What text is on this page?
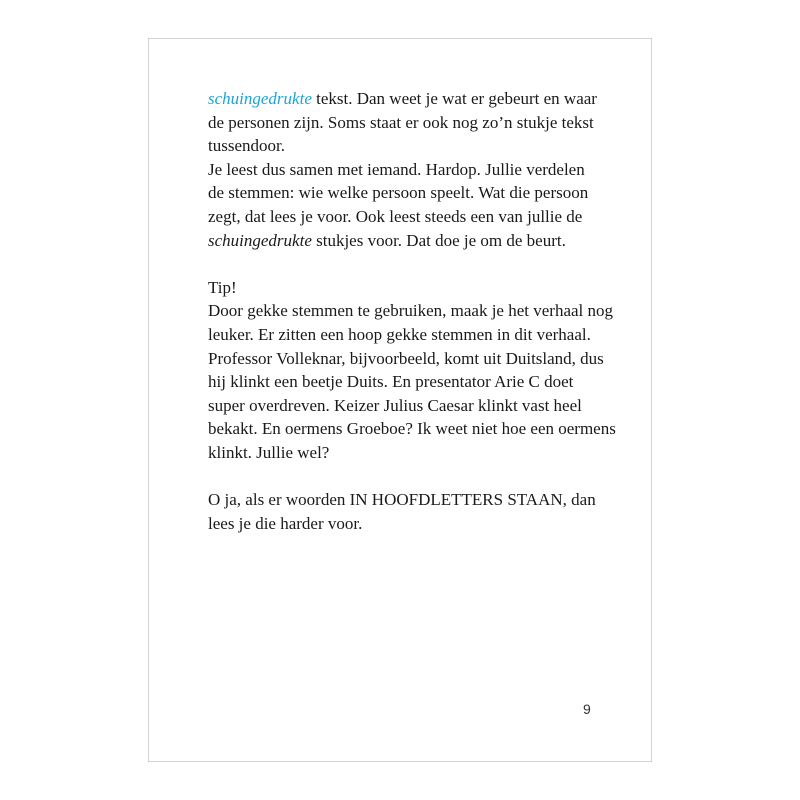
schuingedrukte tekst. Dan weet je wat er gebeurt en waar
de personen zijn. Soms staat er ook nog zo’n stukje tekst
tussendoor.
Je leest dus samen met iemand. Hardop. Jullie verdelen
de stemmen: wie welke persoon speelt. Wat die persoon
zegt, dat lees je voor. Ook leest steeds een van jullie de
schuingedrukte stukjes voor. Dat doe je om de beurt.
Tip!
Door gekke stemmen te gebruiken, maak je het verhaal nog
leuker. Er zitten een hoop gekke stemmen in dit verhaal.
Professor Volleknar, bijvoorbeeld, komt uit Duitsland, dus
hij klinkt een beetje Duits. En presentator Arie C doet
super overdreven. Keizer Julius Caesar klinkt vast heel
bekakt. En oermens Groeboe? Ik weet niet hoe een oermens
klinkt. Jullie wel?
O ja, als er woorden IN HOOFDLETTERS STAAN, dan
lees je die harder voor.
9
